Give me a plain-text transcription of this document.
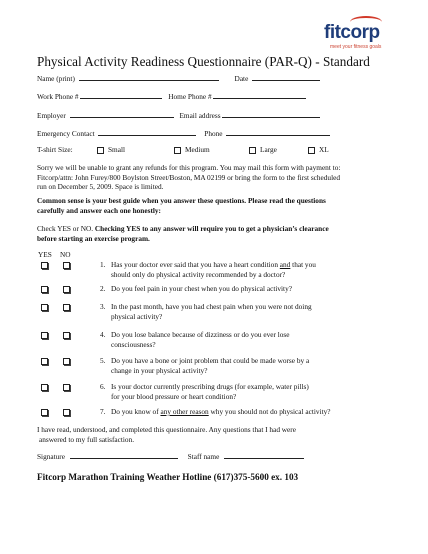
fitcorp
meet your fitness goals
Physical Activity Readiness Questionnaire (PAR-Q) - Standard
Name (print)	Date
Work Phone #	Home Phone #
Employer	Email address
Emergency Contact	Phone
T-shirt Size:	Small	Medium	Large	XL
Sorry we will be unable to grant any refunds for this program. You may mail this form with payment to:
Fitcorp/attn: John Furey/800 Boylston Street/Boston, MA 02199 or bring the form to the first scheduled
run on December 5, 2009. Space is limited.
Common sense is your best guide when you answer these questions. Please read the questions
carefully and answer each one honestly:
Check YES or NO. Checking YES to any answer will require you to get a physician’s clearance
before starting an exercise program.
YES NO
1. Has your doctor ever said that you have a heart condition and that you
should only do physical activity recommended by a doctor?
2. Do you feel pain in your chest when you do physical activity?
3. In the past month, have you had chest pain when you were not doing
physical activity?
4. Do you lose balance because of dizziness or do you ever lose
consciousness?
5. Do you have a bone or joint problem that could be made worse by a
change in your physical activity?
6. Is your doctor currently prescribing drugs (for example, water pills)
for your blood pressure or heart condition?
7. Do you know of any other reason why you should not do physical activity?
I have read, understood, and completed this questionnaire. Any questions that I had were
answered to my full satisfaction.
Signature	Staff name
Fitcorp Marathon Training Weather Hotline (617)375-5600 ex. 103
